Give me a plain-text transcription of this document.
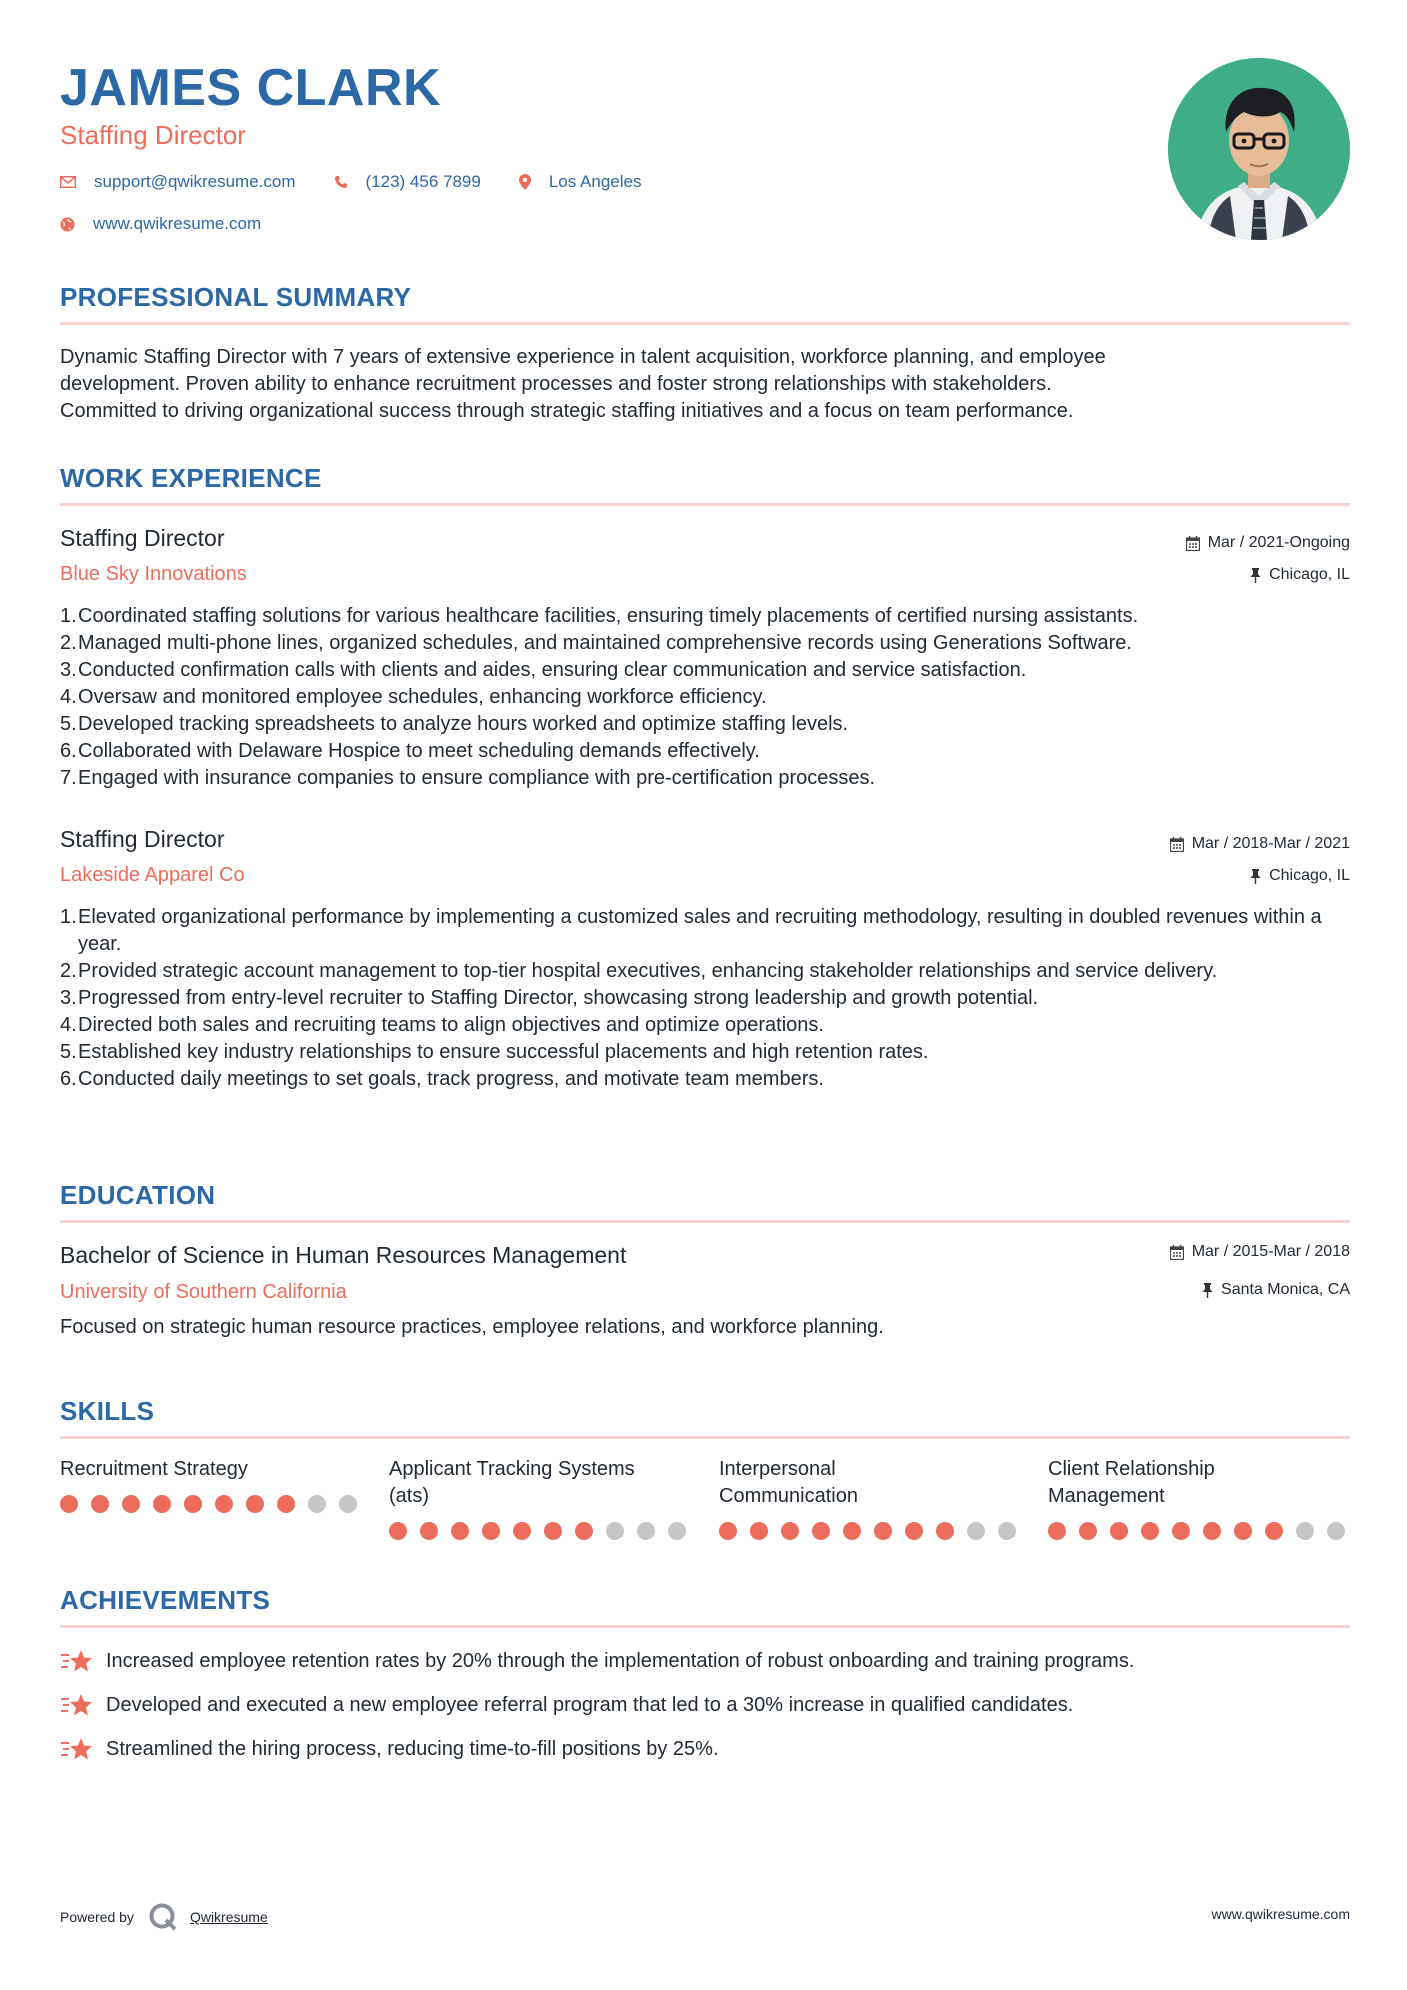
JAMES CLARK
Staffing Director
support@qwikresume.com	(123) 456 7899	Los Angeles
www.qwikresume.com
PROFESSIONAL SUMMARY
Dynamic Staffing Director with 7 years of extensive experience in talent acquisition, workforce planning, and employee
development. Proven ability to enhance recruitment processes and foster strong relationships with stakeholders.
Committed to driving organizational success through strategic staffing initiatives and a focus on team performance.
WORK EXPERIENCE
Staffing Director
Blue Sky Innovations
Mar / 2021-Ongoing
Chicago, IL
1. Coordinated staffing solutions for various healthcare facilities, ensuring timely placements of certified nursing assistants.
2. Managed multi-phone lines, organized schedules, and maintained comprehensive records using Generations Software.
3. Conducted confirmation calls with clients and aides, ensuring clear communication and service satisfaction.
4. Oversaw and monitored employee schedules, enhancing workforce efficiency.
5. Developed tracking spreadsheets to analyze hours worked and optimize staffing levels.
6. Collaborated with Delaware Hospice to meet scheduling demands effectively.
7. Engaged with insurance companies to ensure compliance with pre-certification processes.
Staffing Director
Lakeside Apparel Co
Mar / 2018-Mar / 2021
Chicago, IL
1. Elevated organizational performance by implementing a customized sales and recruiting methodology, resulting in doubled revenues within a year.
2. Provided strategic account management to top-tier hospital executives, enhancing stakeholder relationships and service delivery.
3. Progressed from entry-level recruiter to Staffing Director, showcasing strong leadership and growth potential.
4. Directed both sales and recruiting teams to align objectives and optimize operations.
5. Established key industry relationships to ensure successful placements and high retention rates.
6. Conducted daily meetings to set goals, track progress, and motivate team members.
EDUCATION
Bachelor of Science in Human Resources Management
University of Southern California
Mar / 2015-Mar / 2018
Santa Monica, CA
Focused on strategic human resource practices, employee relations, and workforce planning.
SKILLS
Recruitment Strategy	Applicant Tracking Systems
(ats)
Interpersonal
Communication
Client Relationship
Management
ACHIEVEMENTS
Increased employee retention rates by 20% through the implementation of robust onboarding and training programs.
Developed and executed a new employee referral program that led to a 30% increase in qualified candidates.
Streamlined the hiring process, reducing time-to-fill positions by 25%.
Powered by	Qwikresume	www.qwikresume.com
